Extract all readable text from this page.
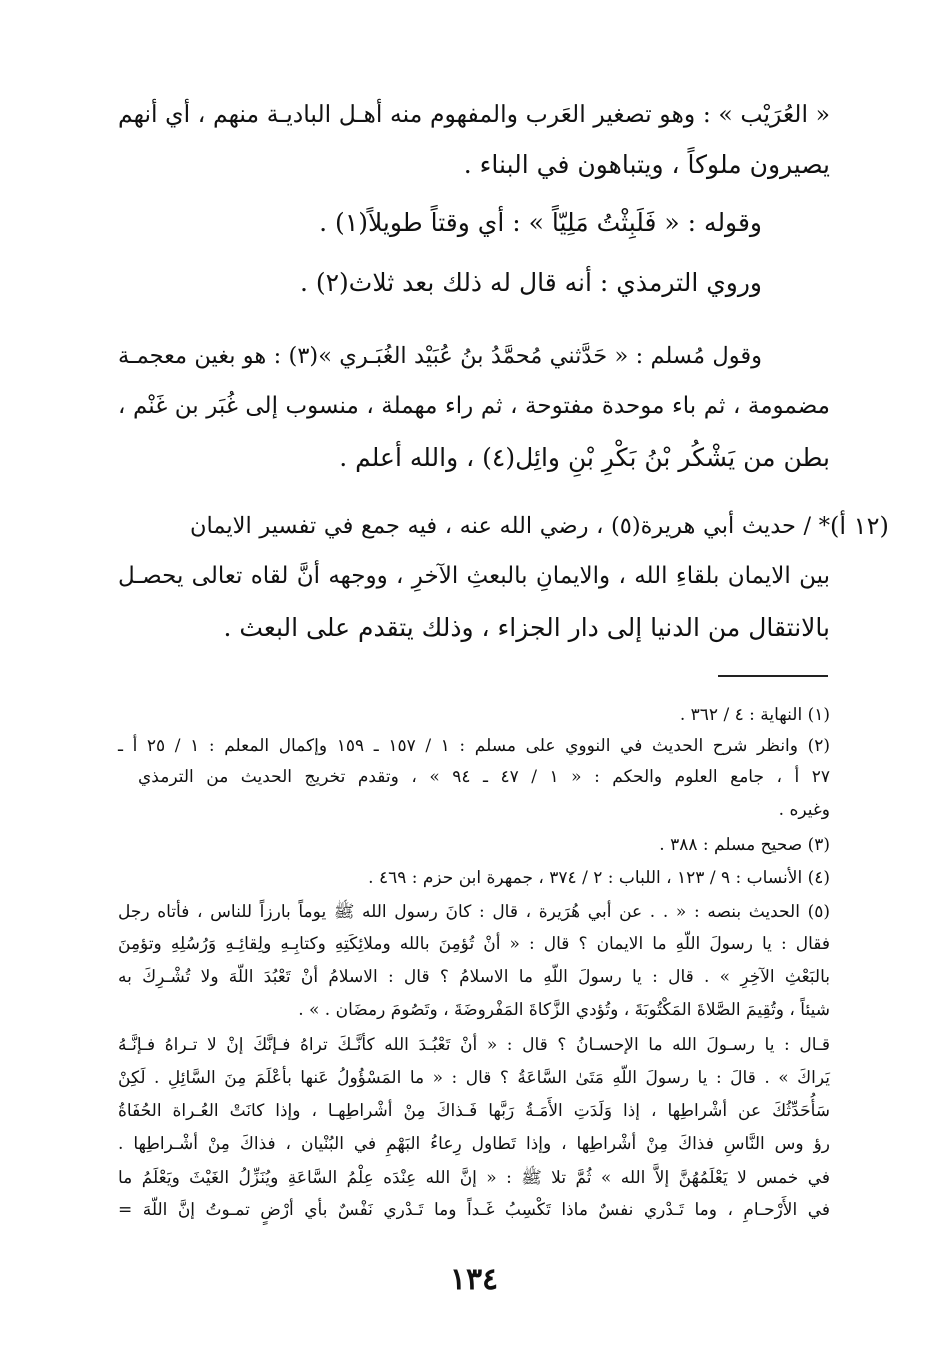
« العُرَيْب » : وهو تصغير العَرب والمفهوم منه أهـل الباديـة منهم ، أي أنهم
يصيرون ملوكاً ، ويتباهون في البناء .
وقوله : « فَلَبِثْتُ مَلِيّاً » : أي وقتاً طويلاً(١) .
وروي الترمذي : أنه قال له ذلك بعد ثلاث(٢) .
وقول مُسلم : « حَدَّثني مُحمَّدُ بنُ عُبَيْد الغُبَـري »(٣) : هو بغين معجمـة
مضمومة ، ثم باء موحدة مفتوحة ، ثم راء مهملة ، منسوب إلى غُبَر بن غَنْم ،
بطن من يَشْكُر بْنُ بَكْرِ بْنِ وائِل(٤) ، والله أعلم .
(١٢ أ)
* / حديث أبي هريرة(٥) ، رضي الله عنه ، فيه جمع في تفسير الايمان
بين الايمان بلقاءِ الله ، والايمانِ بالبعثِ الآخرِ ، ووجهه أنَّ لقاه تعالى يحصـل
بالانتقال من الدنيا إلى دار الجزاء ، وذلك يتقدم على البعث .
(١) النهاية : ٤ / ٣٦٢ .
(٢) وانظر شرح الحديث في النووي على مسلم : ١ / ١٥٧ ـ ١٥٩ وإكمال المعلم : ١ / ٢٥ أ ـ
٢٧ أ ، جامع العلوم والحكم : « ١ / ٤٧ ـ ٩٤ » ، وتقدم تخريج الحديث من الترمذي
وغيره .
(٣) صحيح مسلم : ٣٨٨ .
(٤) الأنساب : ٩ / ١٢٣ ، اللباب : ٢ / ٣٧٤ ، جمهرة ابن حزم : ٤٦٩ .
(٥) الحديث بنصه : « . . عن أبي هُرَيرة ، قال : كانَ رسول الله ﷺ يوماً بارزاً للناس ، فأتاه رجل
فقال : يا رسولَ اللّهِ ما الايمان ؟ قال : « أنْ تُؤمِنَ بالله وملائِكَتِهِ وكتابِـهِ ولِقائِـهِ وَرُسُلِهِ وتؤمِنَ
بالبَعْثِ الآخِرِ » . قال : يا رسولَ اللّهِ ما الاسلامُ ؟ قال : الاسلامُ أنْ تَعْبُدَ اللّهَ ولا تُشْـرِكَ به
شيئاً ، وتُقِيمَ الصَّلاةَ المَكْتُوبَةَ ، وتُؤدي الزَّكاةَ المَفْروضَةَ ، وتَصُومَ رمضَان . » .
قـال : يا رسـولَ الله ما الإحسـانُ ؟ قال : « أنْ تَعْبُـدَ الله كأنَّـكَ تراهُ فـإنَّكَ إنْ لا تـراهُ فـإنَّـهُ
يَراكَ » . قالَ : يا رسولَ اللّهِ مَتَىٰ السَّاعَةُ ؟ قال : « ما المَسْؤُولُ عَنها بأعْلَمَ مِنَ السَّائِلِ . لَكِنْ
سَأُحَدِّثُكَ عن أشْراطِها ، إذا وَلَدَتِ الأَمَـةُ رَبَّها فَـذاكَ مِنْ أشْراطِهـا ، وإذا كانَتْ العُـراة الحُفَاةُ
رؤ وس النَّاسِ فذاكَ مِنْ أشْراطِها ، وإذا تَطاول رِعاءُ البَهْمِ في البُنْيان ، فذاكَ مِنْ أشْـراطِها .
في خمس لا يَعْلَمُهُنَّ إلاَّ الله » ثُمَّ تلا ﷺ : « إنَّ الله عِنْدَه عِلْمُ السَّاعَةِ ويُنَزِّلُ الغَيْثَ ويَعْلَمُ ما
في الأَرْحـامِ ، وما تَـدْري نفسٌ ماذا تَكْسِبُ غَـداً وما تَـدْري نَفْسٌ بأي أرْضٍ تمـوتُ إنَّ اللّهَ =
١٣٤
